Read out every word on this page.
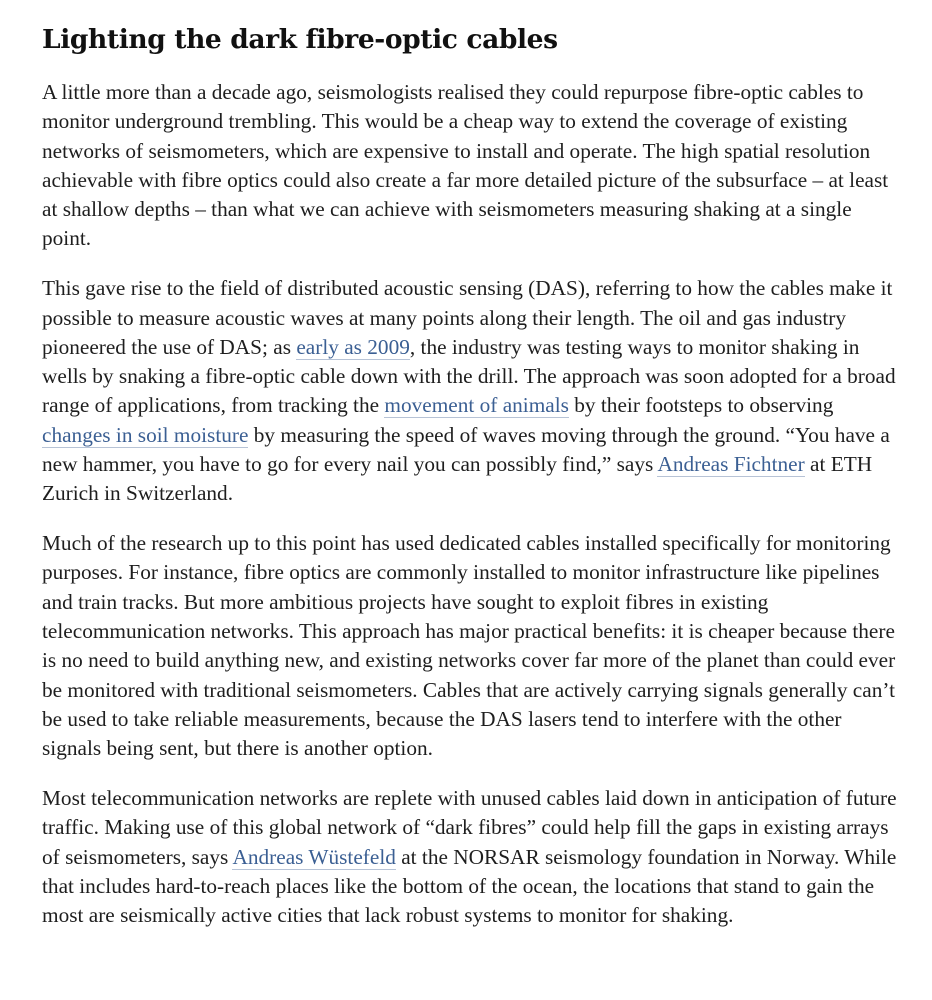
Lighting the dark fibre-optic cables

A little more than a decade ago, seismologists realised they could repurpose fibre-optic cables to monitor underground trembling. This would be a cheap way to extend the coverage of existing networks of seismometers, which are expensive to install and operate. The high spatial resolution achievable with fibre optics could also create a far more detailed picture of the subsurface – at least at shallow depths – than what we can achieve with seismometers measuring shaking at a single point.

This gave rise to the field of distributed acoustic sensing (DAS), referring to how the cables make it possible to measure acoustic waves at many points along their length. The oil and gas industry pioneered the use of DAS; as early as 2009, the industry was testing ways to monitor shaking in wells by snaking a fibre-optic cable down with the drill. The approach was soon adopted for a broad range of applications, from tracking the movement of animals by their footsteps to observing changes in soil moisture by measuring the speed of waves moving through the ground. “You have a new hammer, you have to go for every nail you can possibly find,” says Andreas Fichtner at ETH Zurich in Switzerland.

Much of the research up to this point has used dedicated cables installed specifically for monitoring purposes. For instance, fibre optics are commonly installed to monitor infrastructure like pipelines and train tracks. But more ambitious projects have sought to exploit fibres in existing telecommunication networks. This approach has major practical benefits: it is cheaper because there is no need to build anything new, and existing networks cover far more of the planet than could ever be monitored with traditional seismometers. Cables that are actively carrying signals generally can’t be used to take reliable measurements, because the DAS lasers tend to interfere with the other signals being sent, but there is another option.

Most telecommunication networks are replete with unused cables laid down in anticipation of future traffic. Making use of this global network of “dark fibres” could help fill the gaps in existing arrays of seismometers, says Andreas Wüstefeld at the NORSAR seismology foundation in Norway. While that includes hard-to-reach places like the bottom of the ocean, the locations that stand to gain the most are seismically active cities that lack robust systems to monitor for shaking.
